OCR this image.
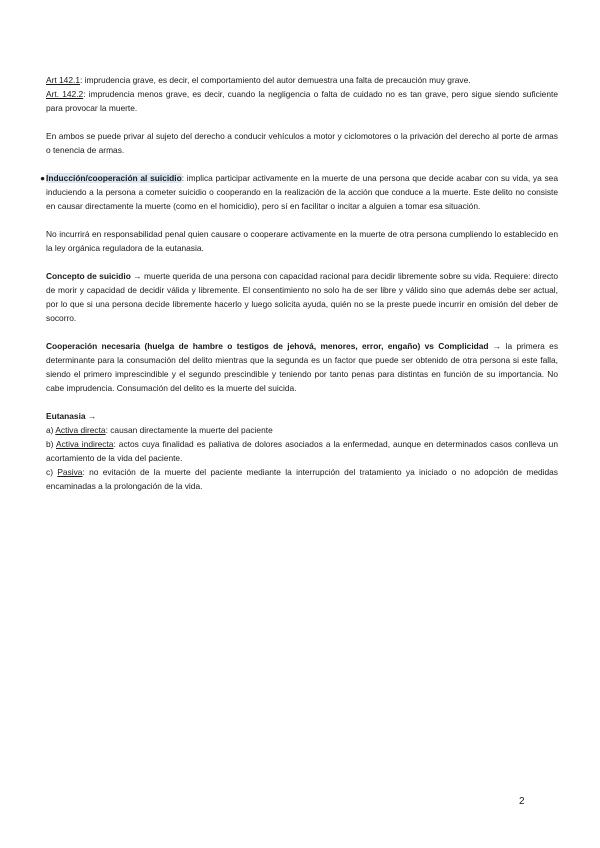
Art 142.1: imprudencia grave, es decir, el comportamiento del autor demuestra una falta de precaución muy grave.

Art. 142.2: imprudencia menos grave, es decir, cuando la negligencia o falta de cuidado no es tan grave, pero sigue siendo suficiente para provocar la muerte.

En ambos se puede privar al sujeto del derecho a conducir vehículos a motor y ciclomotores o la privación del derecho al porte de armas o tenencia de armas.

● Inducción/cooperación al suicidio: implica participar activamente en la muerte de una persona que decide acabar con su vida, ya sea induciendo a la persona a cometer suicidio o cooperando en la realización de la acción que conduce a la muerte. Este delito no consiste en causar directamente la muerte (como en el homicidio), pero sí en facilitar o incitar a alguien a tomar esa situación.

No incurrirá en responsabilidad penal quien causare o cooperare activamente en la muerte de otra persona cumpliendo lo establecido en la ley orgánica reguladora de la eutanasia.

Concepto de suicidio → muerte querida de una persona con capacidad racional para decidir libremente sobre su vida. Requiere: directo de morir y capacidad de decidir válida y libremente. El consentimiento no solo ha de ser libre y válido sino que además debe ser actual, por lo que si una persona decide libremente hacerlo y luego solicita ayuda, quién no se la preste puede incurrir en omisión del deber de socorro.

Cooperación necesaria (huelga de hambre o testigos de jehová, menores, error, engaño) vs Complicidad → la primera es determinante para la consumación del delito mientras que la segunda es un factor que puede ser obtenido de otra persona si este falla, siendo el primero imprescindible y el segundo prescindible y teniendo por tanto penas para distintas en función de su importancia. No cabe imprudencia. Consumación del delito es la muerte del suicida.

Eutanasia →

a) Activa directa: causan directamente la muerte del paciente

b) Activa indirecta: actos cuya finalidad es paliativa de dolores asociados a la enfermedad, aunque en determinados casos conlleva un acortamiento de la vida del paciente.

c) Pasiva: no evitación de la muerte del paciente mediante la interrupción del tratamiento ya iniciado o no adopción de medidas encaminadas a la prolongación de la vida.

2
